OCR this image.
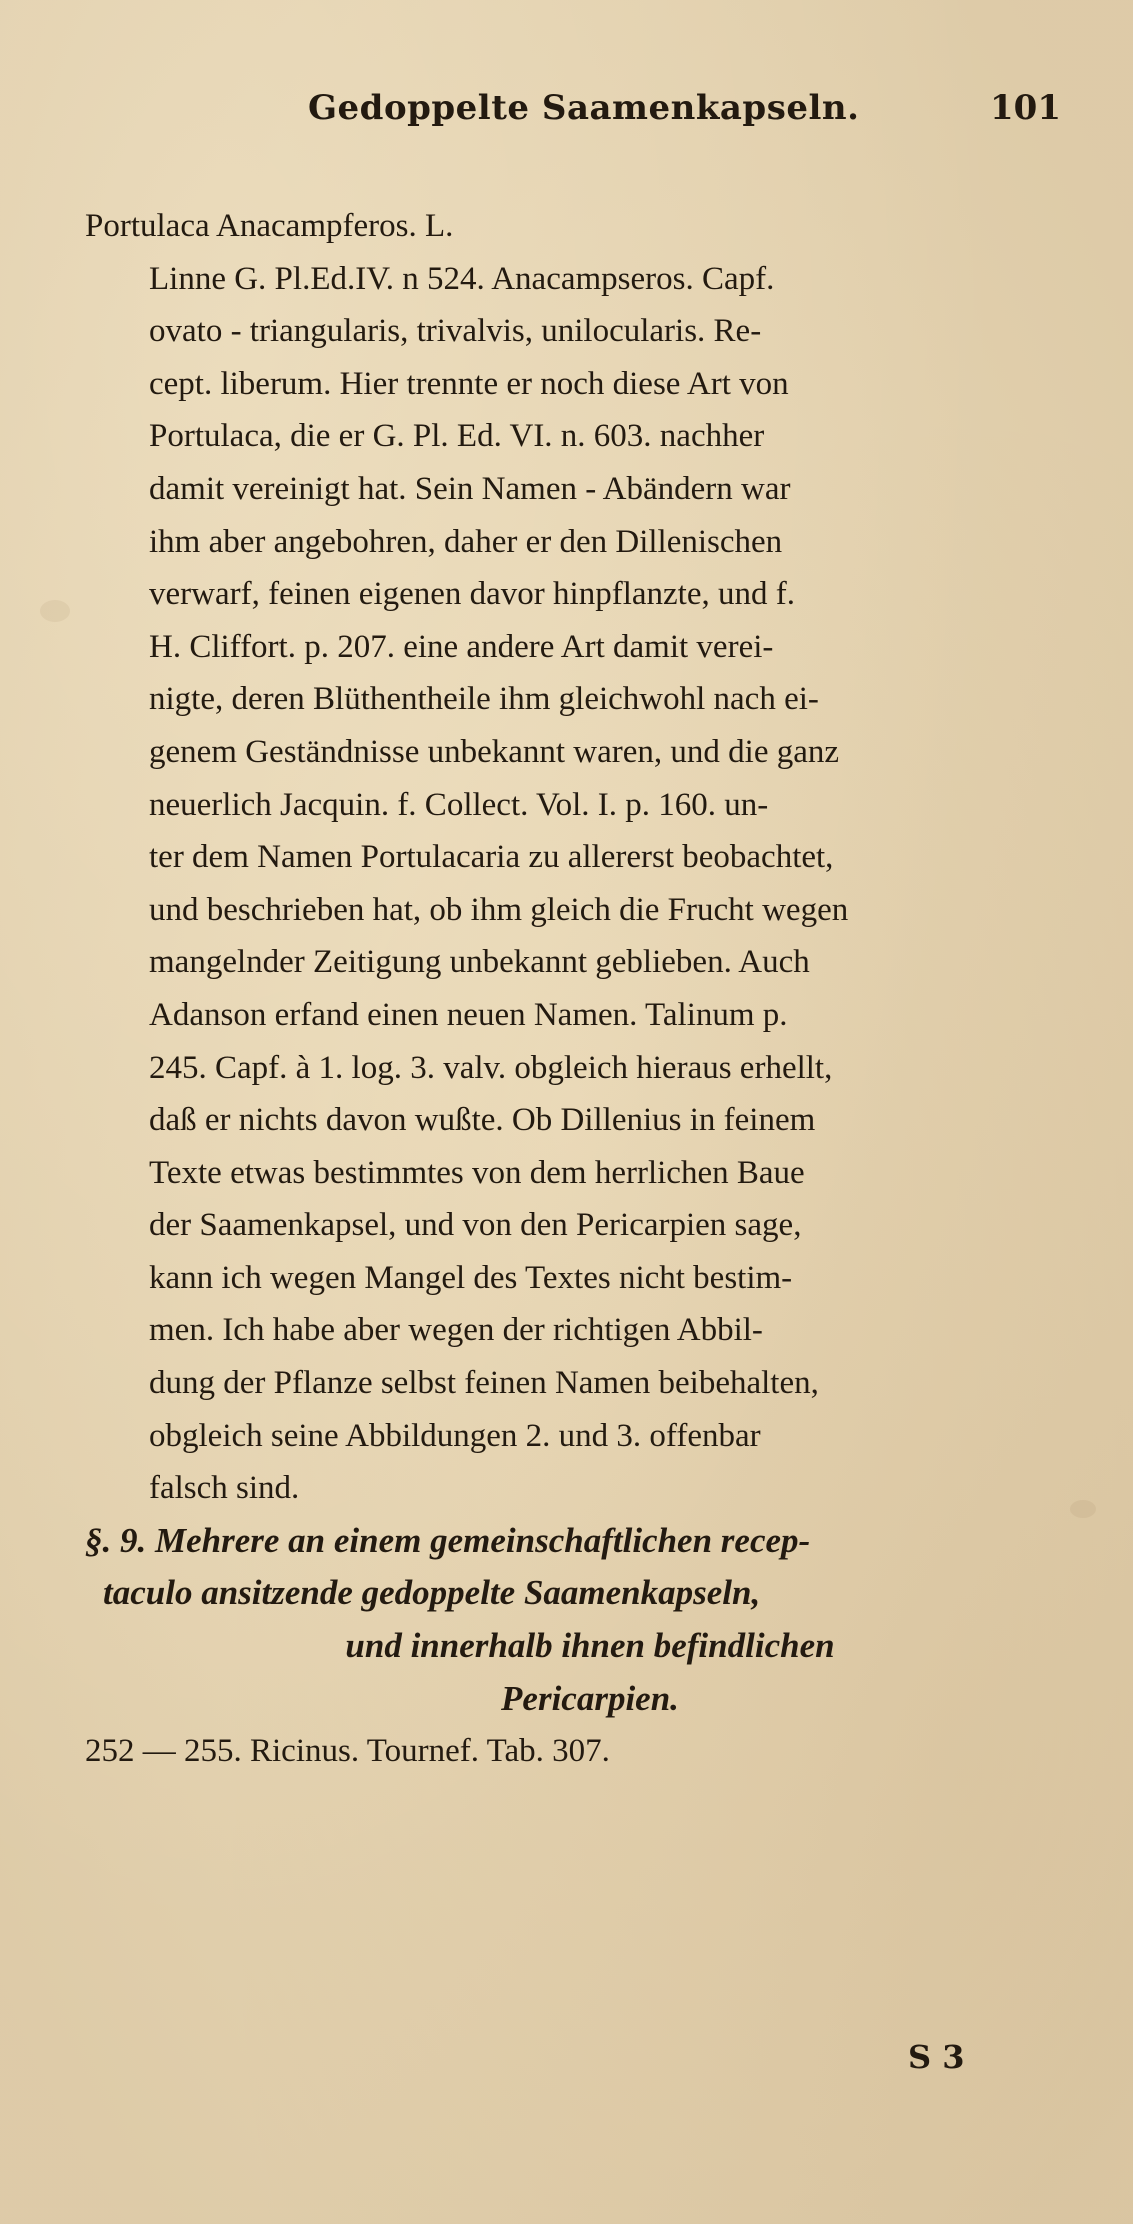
Gedoppelte Saamenkapseln.	101
Portulaca Anacampferos. L.
Linne G. Pl.Ed.IV. n 524. Anacampseros. Capf.
ovato - triangularis, trivalvis, unilocularis. Re-
cept. liberum. Hier trennte er noch diese Art von
Portulaca, die er G. Pl. Ed. VI. n. 603. nachher
damit vereinigt hat. Sein Namen - Abändern war
ihm aber angebohren, daher er den Dillenischen
verwarf, feinen eigenen davor hinpflanzte, und f.
H. Cliffort. p. 207. eine andere Art damit verei-
nigte, deren Blüthentheile ihm gleichwohl nach ei-
genem Geständnisse unbekannt waren, und die ganz
neuerlich Jacquin. f. Collect. Vol. I. p. 160. un-
ter dem Namen Portulacaria zu allererst beobachtet,
und beschrieben hat, ob ihm gleich die Frucht wegen
mangelnder Zeitigung unbekannt geblieben. Auch
Adanson erfand einen neuen Namen. Talinum p.
245. Capf. à 1. log. 3. valv. obgleich hieraus erhellt,
daß er nichts davon wußte. Ob Dillenius in feinem
Texte etwas bestimmtes von dem herrlichen Baue
der Saamenkapsel, und von den Pericarpien sage,
kann ich wegen Mangel des Textes nicht bestim-
men. Ich habe aber wegen der richtigen Abbil-
dung der Pflanze selbst feinen Namen beibehalten,
obgleich seine Abbildungen 2. und 3. offenbar
falsch sind.
§. 9. Mehrere an einem gemeinschaftlichen recep-
taculo ansitzende gedoppelte Saamenkapseln,
und innerhalb ihnen befindlichen
Pericarpien.
252 — 255. Ricinus. Tournef. Tab. 307.
S 3
